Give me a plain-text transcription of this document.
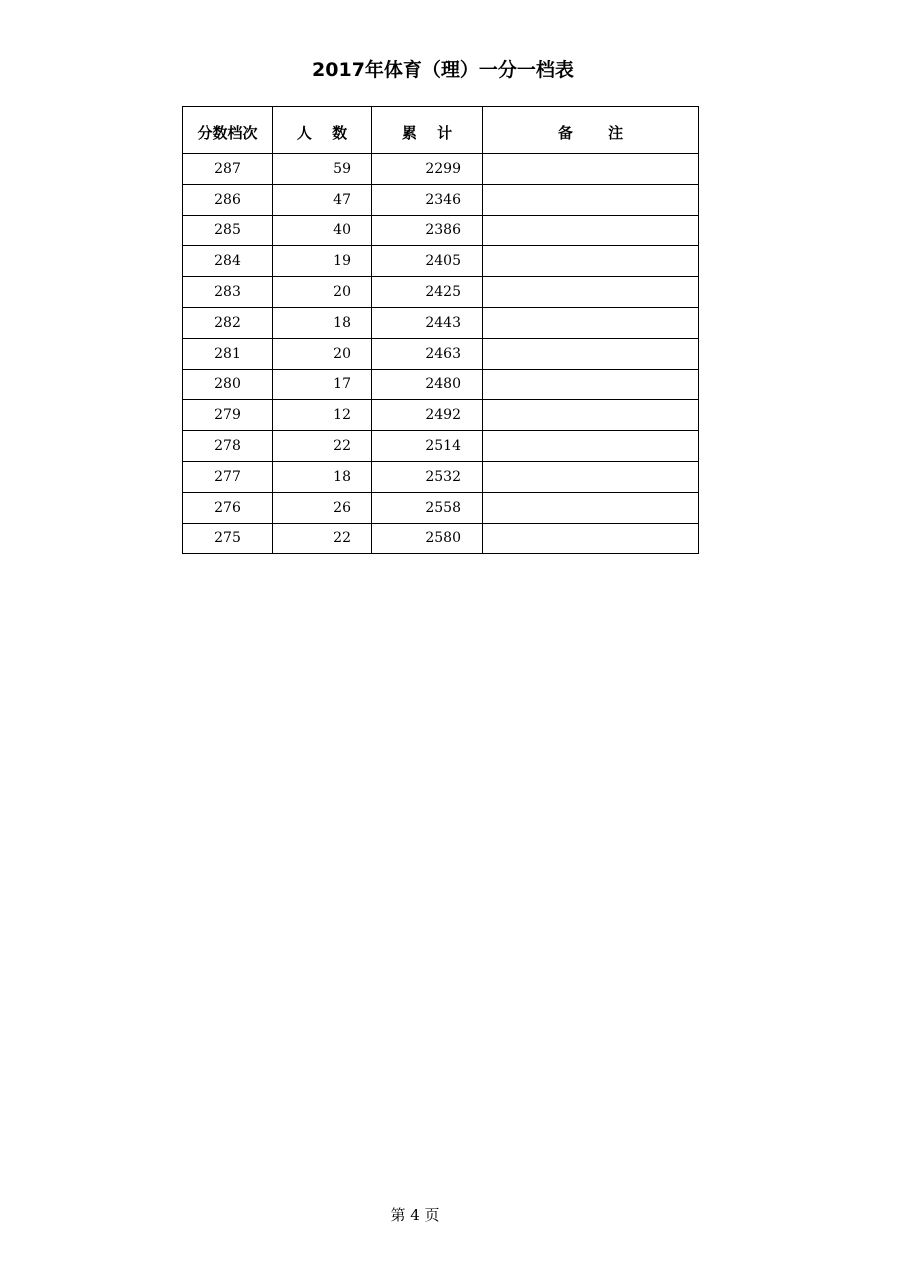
2017年体育（理）一分一档表
分数档次	人　 数	累　 计	备　　 注
287	59	2299	
286	47	2346	
285	40	2386	
284	19	2405	
283	20	2425	
282	18	2443	
281	20	2463	
280	17	2480	
279	12	2492	
278	22	2514	
277	18	2532	
276	26	2558	
275	22	2580	
第 4 页
